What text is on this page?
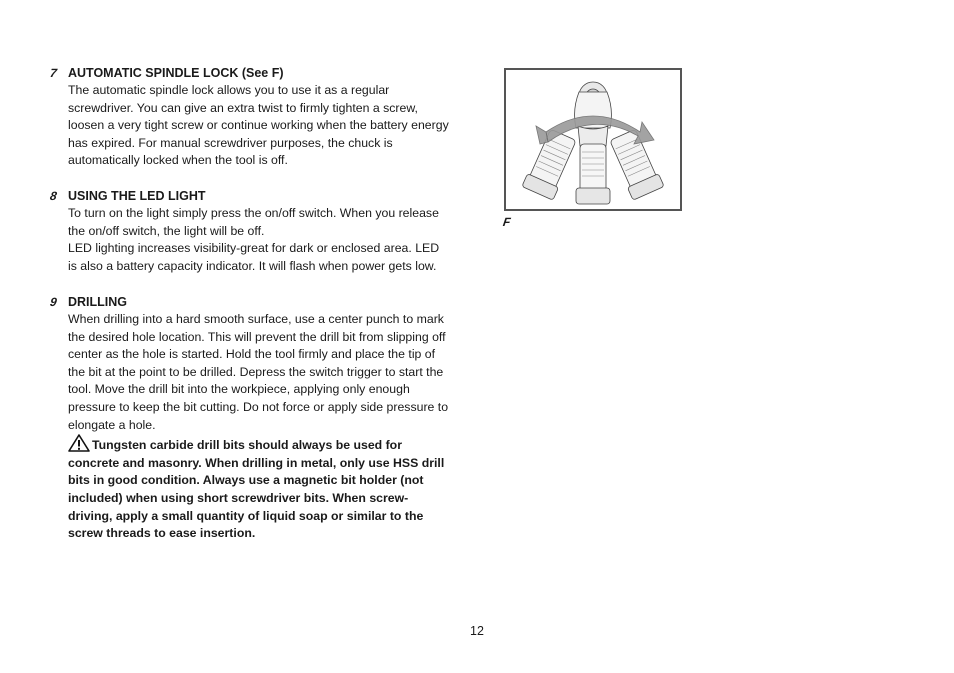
7 AUTOMATIC SPINDLE LOCK (See F)
The automatic spindle lock allows you to use it as a regular screwdriver. You can give an extra twist to firmly tighten a screw, loosen a very tight screw or continue working when the battery energy has expired. For manual screwdriver purposes, the chuck is automatically locked when the tool is off.
8 USING THE LED LIGHT
To turn on the light simply press the on/off switch. When you release the on/off switch, the light will be off.
LED lighting increases visibility-great for dark or enclosed area. LED is also a battery capacity indicator. It will flash when power gets low.
9 DRILLING
When drilling into a hard smooth surface, use a center punch to mark the desired hole location. This will prevent the drill bit from slipping off center as the hole is started. Hold the tool firmly and place the tip of the bit at the point to be drilled. Depress the switch trigger to start the tool. Move the drill bit into the workpiece, applying only enough pressure to keep the bit cutting. Do not force or apply side pressure to elongate a hole.
Tungsten carbide drill bits should always be used for concrete and masonry. When drilling in metal, only use HSS drill bits in good condition. Always use a magnetic bit holder (not included) when using short screwdriver bits. When screw-driving, apply a small quantity of liquid soap or similar to the screw threads to ease insertion.
F
12
